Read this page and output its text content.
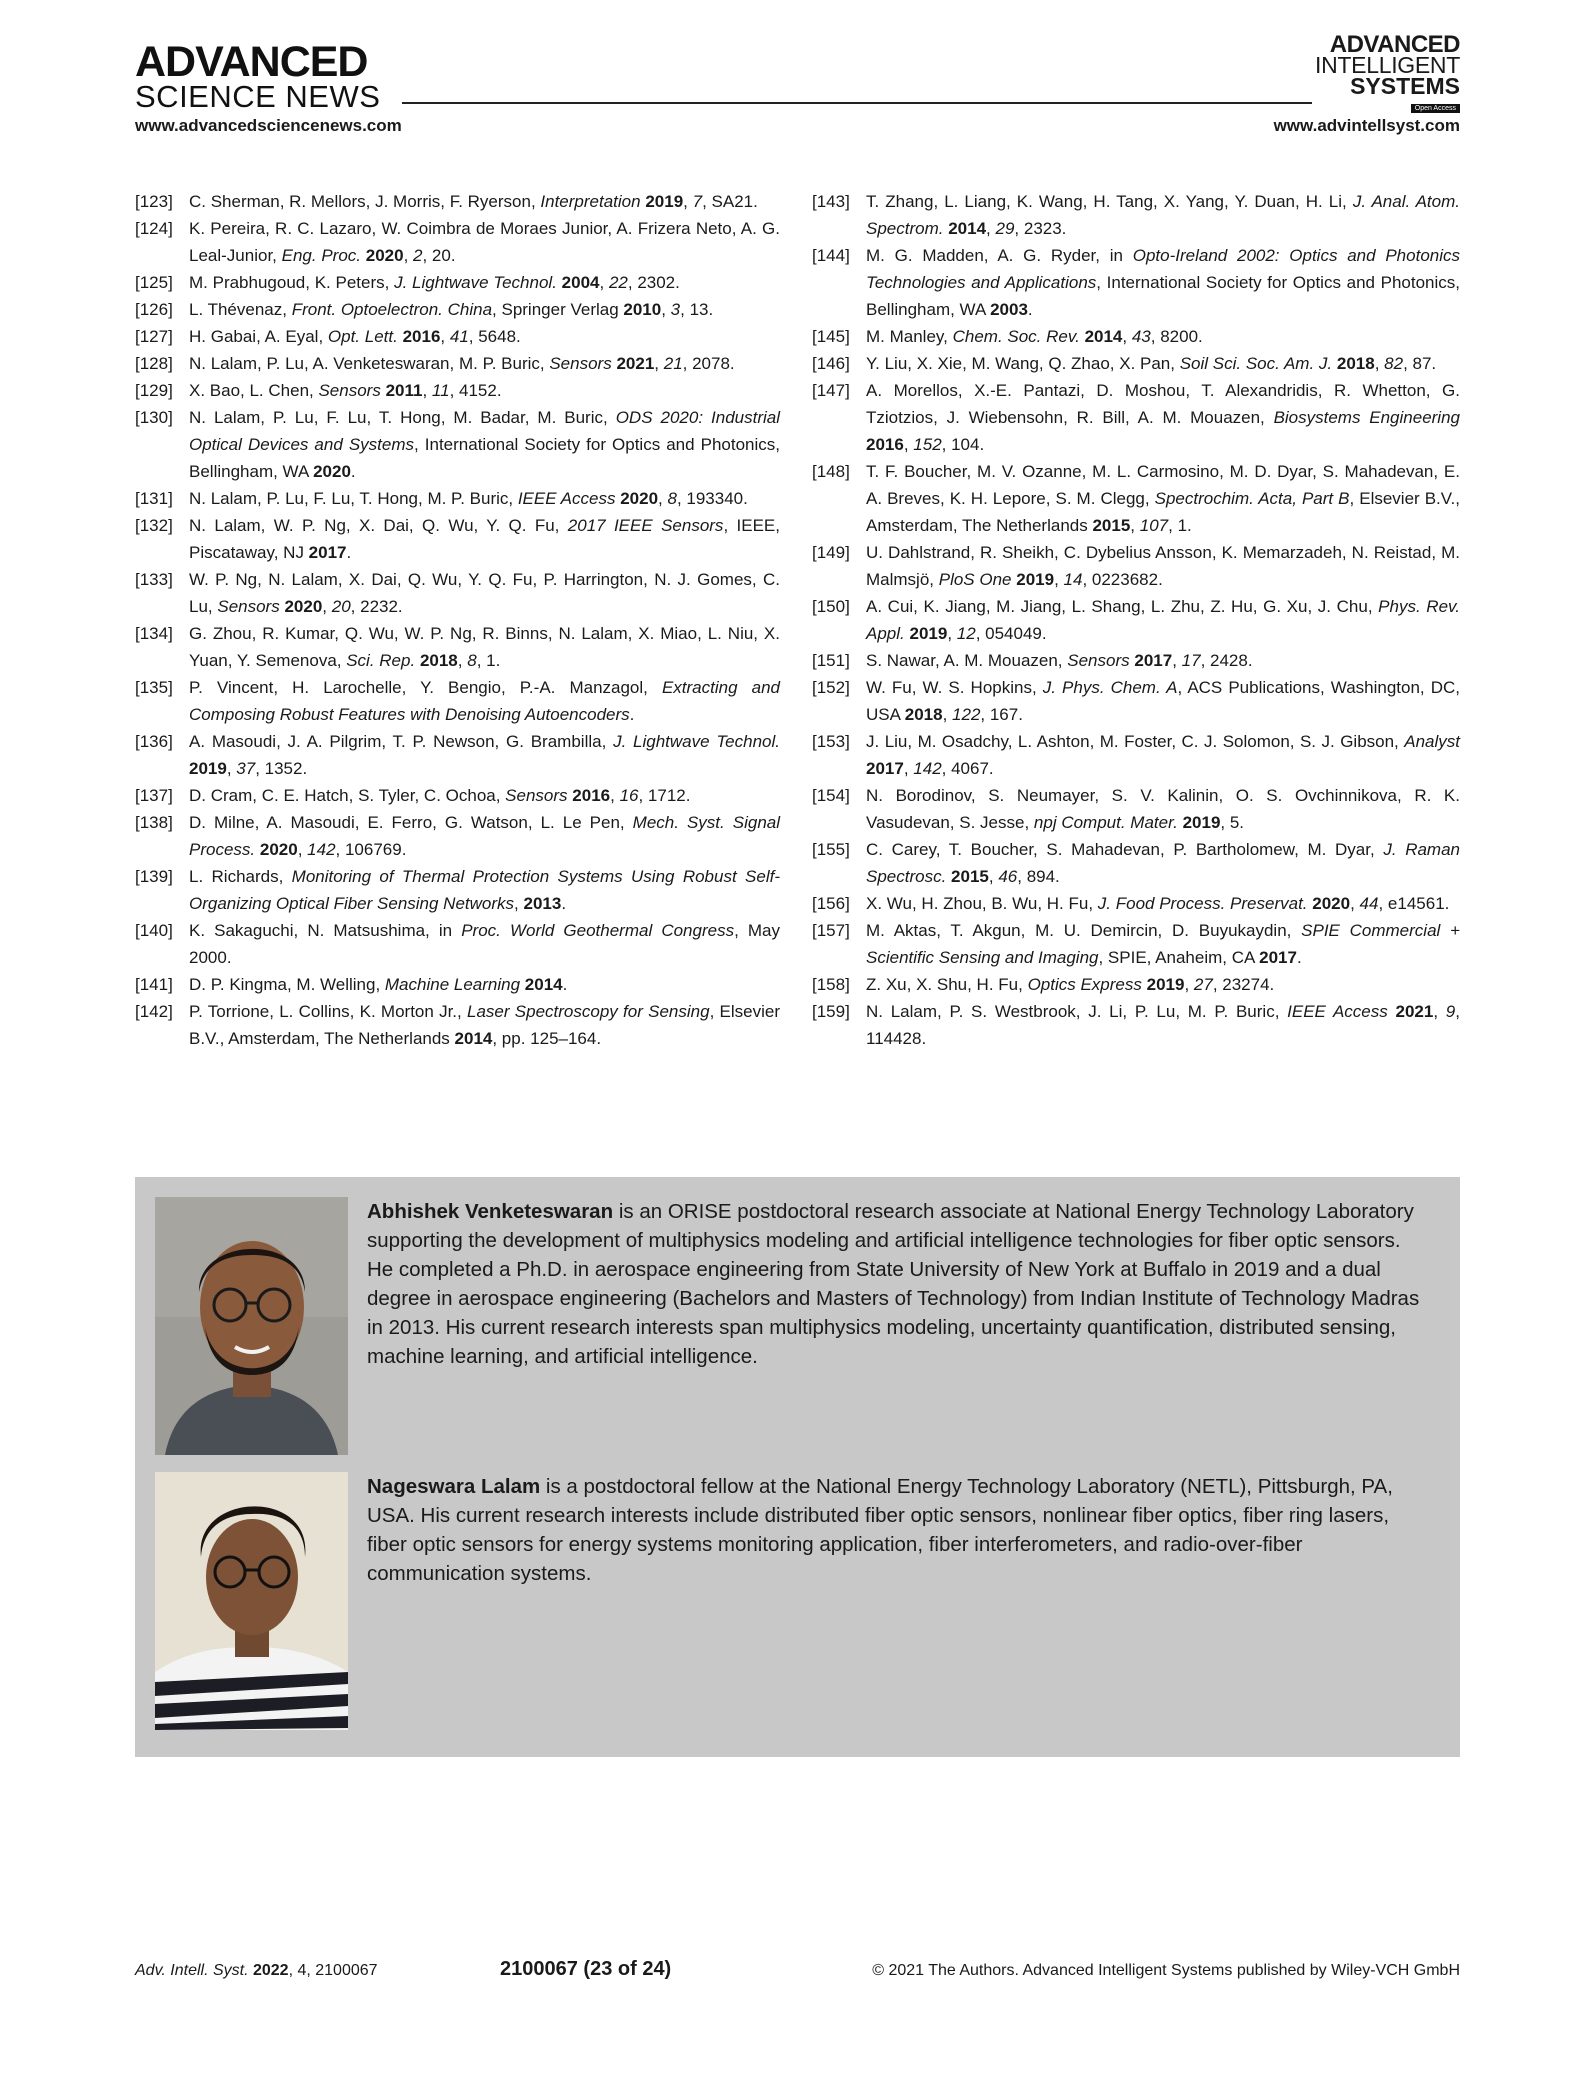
ADVANCED
SCIENCE NEWS
ADVANCED
INTELLIGENT
SYSTEMS
Open Access
www.advancedsciencenews.com	www.advintellsyst.com
[123] C. Sherman, R. Mellors, J. Morris, F. Ryerson, Interpretation 2019, 7, SA21.
[124] K. Pereira, R. C. Lazaro, W. Coimbra de Moraes Junior, A. Frizera Neto, A. G. Leal-Junior, Eng. Proc. 2020, 2, 20.
[125] M. Prabhugoud, K. Peters, J. Lightwave Technol. 2004, 22, 2302.
[126] L. Thévenaz, Front. Optoelectron. China, Springer Verlag 2010, 3, 13.
[127] H. Gabai, A. Eyal, Opt. Lett. 2016, 41, 5648.
[128] N. Lalam, P. Lu, A. Venketeswaran, M. P. Buric, Sensors 2021, 21, 2078.
[129] X. Bao, L. Chen, Sensors 2011, 11, 4152.
[130] N. Lalam, P. Lu, F. Lu, T. Hong, M. Badar, M. Buric, ODS 2020: Industrial Optical Devices and Systems, International Society for Optics and Photonics, Bellingham, WA 2020.
[131] N. Lalam, P. Lu, F. Lu, T. Hong, M. P. Buric, IEEE Access 2020, 8, 193340.
[132] N. Lalam, W. P. Ng, X. Dai, Q. Wu, Y. Q. Fu, 2017 IEEE Sensors, IEEE, Piscataway, NJ 2017.
[133] W. P. Ng, N. Lalam, X. Dai, Q. Wu, Y. Q. Fu, P. Harrington, N. J. Gomes, C. Lu, Sensors 2020, 20, 2232.
[134] G. Zhou, R. Kumar, Q. Wu, W. P. Ng, R. Binns, N. Lalam, X. Miao, L. Niu, X. Yuan, Y. Semenova, Sci. Rep. 2018, 8, 1.
[135] P. Vincent, H. Larochelle, Y. Bengio, P.-A. Manzagol, Extracting and Composing Robust Features with Denoising Autoencoders.
[136] A. Masoudi, J. A. Pilgrim, T. P. Newson, G. Brambilla, J. Lightwave Technol. 2019, 37, 1352.
[137] D. Cram, C. E. Hatch, S. Tyler, C. Ochoa, Sensors 2016, 16, 1712.
[138] D. Milne, A. Masoudi, E. Ferro, G. Watson, L. Le Pen, Mech. Syst. Signal Process. 2020, 142, 106769.
[139] L. Richards, Monitoring of Thermal Protection Systems Using Robust Self-Organizing Optical Fiber Sensing Networks, 2013.
[140] K. Sakaguchi, N. Matsushima, in Proc. World Geothermal Congress, May 2000.
[141] D. P. Kingma, M. Welling, Machine Learning 2014.
[142] P. Torrione, L. Collins, K. Morton Jr., Laser Spectroscopy for Sensing, Elsevier B.V., Amsterdam, The Netherlands 2014, pp. 125–164.
[143] T. Zhang, L. Liang, K. Wang, H. Tang, X. Yang, Y. Duan, H. Li, J. Anal. Atom. Spectrom. 2014, 29, 2323.
[144] M. G. Madden, A. G. Ryder, in Opto-Ireland 2002: Optics and Photonics Technologies and Applications, International Society for Optics and Photonics, Bellingham, WA 2003.
[145] M. Manley, Chem. Soc. Rev. 2014, 43, 8200.
[146] Y. Liu, X. Xie, M. Wang, Q. Zhao, X. Pan, Soil Sci. Soc. Am. J. 2018, 82, 87.
[147] A. Morellos, X.-E. Pantazi, D. Moshou, T. Alexandridis, R. Whetton, G. Tziotzios, J. Wiebensohn, R. Bill, A. M. Mouazen, Biosystems Engineering 2016, 152, 104.
[148] T. F. Boucher, M. V. Ozanne, M. L. Carmosino, M. D. Dyar, S. Mahadevan, E. A. Breves, K. H. Lepore, S. M. Clegg, Spectrochim. Acta, Part B, Elsevier B.V., Amsterdam, The Netherlands 2015, 107, 1.
[149] U. Dahlstrand, R. Sheikh, C. Dybelius Ansson, K. Memarzadeh, N. Reistad, M. Malmsjö, PloS One 2019, 14, 0223682.
[150] A. Cui, K. Jiang, M. Jiang, L. Shang, L. Zhu, Z. Hu, G. Xu, J. Chu, Phys. Rev. Appl. 2019, 12, 054049.
[151] S. Nawar, A. M. Mouazen, Sensors 2017, 17, 2428.
[152] W. Fu, W. S. Hopkins, J. Phys. Chem. A, ACS Publications, Washington, DC, USA 2018, 122, 167.
[153] J. Liu, M. Osadchy, L. Ashton, M. Foster, C. J. Solomon, S. J. Gibson, Analyst 2017, 142, 4067.
[154] N. Borodinov, S. Neumayer, S. V. Kalinin, O. S. Ovchinnikova, R. K. Vasudevan, S. Jesse, npj Comput. Mater. 2019, 5.
[155] C. Carey, T. Boucher, S. Mahadevan, P. Bartholomew, M. Dyar, J. Raman Spectrosc. 2015, 46, 894.
[156] X. Wu, H. Zhou, B. Wu, H. Fu, J. Food Process. Preservat. 2020, 44, e14561.
[157] M. Aktas, T. Akgun, M. U. Demircin, D. Buyukaydin, SPIE Commercial + Scientific Sensing and Imaging, SPIE, Anaheim, CA 2017.
[158] Z. Xu, X. Shu, H. Fu, Optics Express 2019, 27, 23274.
[159] N. Lalam, P. S. Westbrook, J. Li, P. Lu, M. P. Buric, IEEE Access 2021, 9, 114428.
Abhishek Venketeswaran is an ORISE postdoctoral research associate at National Energy Technology Laboratory supporting the development of multiphysics modeling and artificial intelligence technologies for fiber optic sensors. He completed a Ph.D. in aerospace engineering from State University of New York at Buffalo in 2019 and a dual degree in aerospace engineering (Bachelors and Masters of Technology) from Indian Institute of Technology Madras in 2013. His current research interests span multiphysics modeling, uncertainty quantification, distributed sensing, machine learning, and artificial intelligence.
Nageswara Lalam is a postdoctoral fellow at the National Energy Technology Laboratory (NETL), Pittsburgh, PA, USA. His current research interests include distributed fiber optic sensors, nonlinear fiber optics, fiber ring lasers, fiber optic sensors for energy systems monitoring application, fiber interferometers, and radio-over-fiber communication systems.
Adv. Intell. Syst. 2022, 4, 2100067	2100067 (23 of 24)	© 2021 The Authors. Advanced Intelligent Systems published by Wiley-VCH GmbH
